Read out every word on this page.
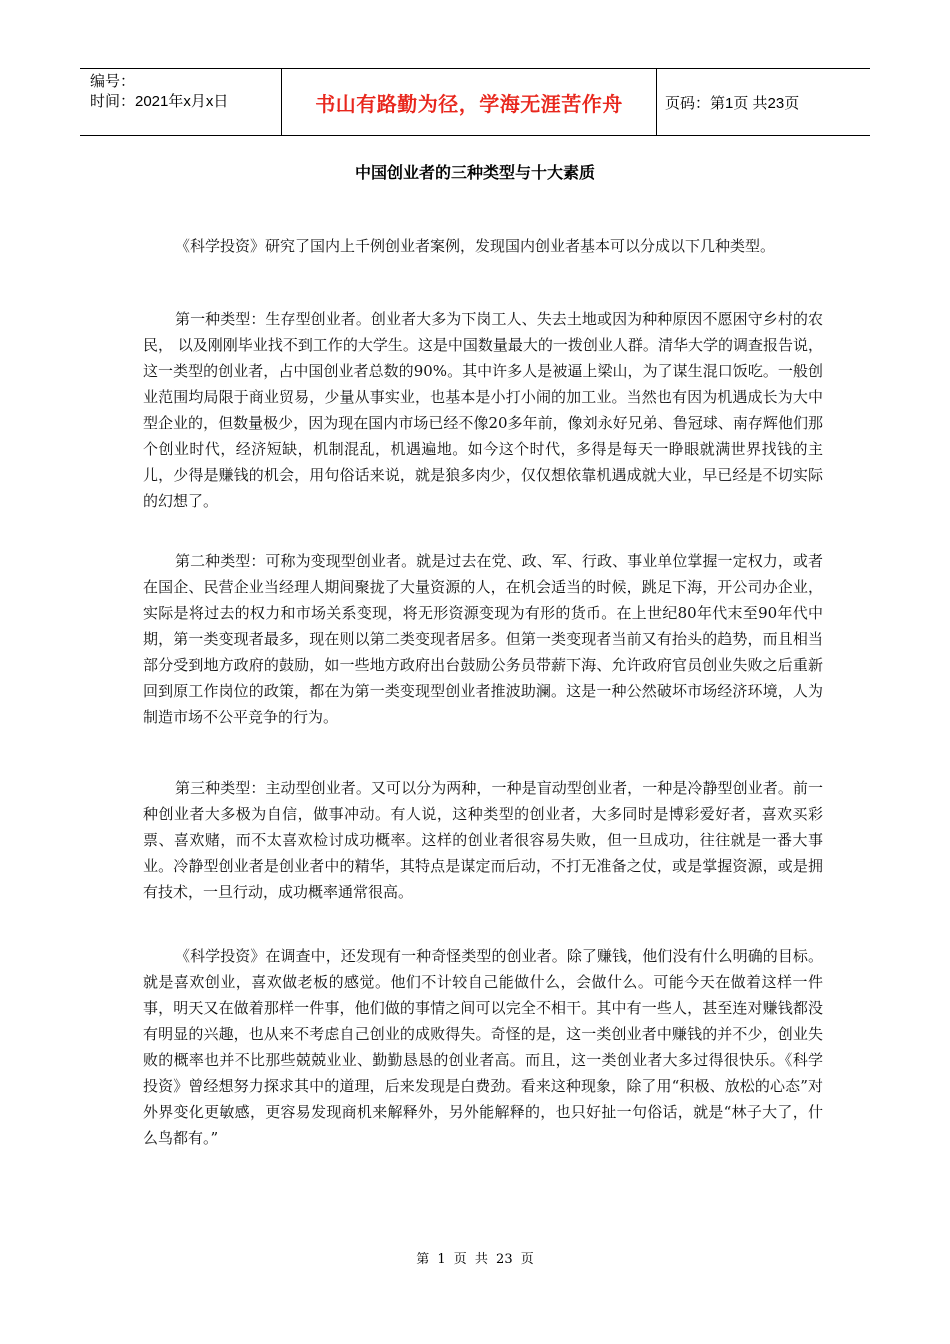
编号：
时间：2021年x月x日	书山有路勤为径，学海无涯苦作舟	页码：第1页 共23页
中国创业者的三种类型与十大素质

《科学投资》研究了国内上千例创业者案例，发现国内创业者基本可以分成以下几种类型。

第一种类型：生存型创业者。创业者大多为下岗工人、失去土地或因为种种原因不愿困守乡村的农民， 以及刚刚毕业找不到工作的大学生。这是中国数量最大的一拨创业人群。清华大学的调查报告说，这一类型的创业者，占中国创业者总数的90%。其中许多人是被逼上梁山，为了谋生混口饭吃。一般创业范围均局限于商业贸易，少量从事实业，也基本是小打小闹的加工业。当然也有因为机遇成长为大中型企业的，但数量极少，因为现在国内市场已经不像20多年前，像刘永好兄弟、鲁冠球、南存辉他们那个创业时代，经济短缺，机制混乱，机遇遍地。如今这个时代，多得是每天一睁眼就满世界找钱的主儿，少得是赚钱的机会，用句俗话来说，就是狼多肉少，仅仅想依靠机遇成就大业，早已经是不切实际的幻想了。

第二种类型：可称为变现型创业者。就是过去在党、政、军、行政、事业单位掌握一定权力，或者在国企、民营企业当经理人期间聚拢了大量资源的人，在机会适当的时候，跳足下海，开公司办企业，实际是将过去的权力和市场关系变现，将无形资源变现为有形的货币。在上世纪80年代末至90年代中期，第一类变现者最多，现在则以第二类变现者居多。但第一类变现者当前又有抬头的趋势，而且相当部分受到地方政府的鼓励，如一些地方政府出台鼓励公务员带薪下海、允许政府官员创业失败之后重新回到原工作岗位的政策，都在为第一类变现型创业者推波助澜。这是一种公然破坏市场经济环境，人为制造市场不公平竞争的行为。

第三种类型：主动型创业者。又可以分为两种，一种是盲动型创业者，一种是冷静型创业者。前一种创业者大多极为自信，做事冲动。有人说，这种类型的创业者，大多同时是博彩爱好者，喜欢买彩票、喜欢赌，而不太喜欢检讨成功概率。这样的创业者很容易失败，但一旦成功，往往就是一番大事业。冷静型创业者是创业者中的精华，其特点是谋定而后动，不打无准备之仗，或是掌握资源，或是拥有技术，一旦行动，成功概率通常很高。

《科学投资》在调查中，还发现有一种奇怪类型的创业者。除了赚钱，他们没有什么明确的目标。就是喜欢创业，喜欢做老板的感觉。他们不计较自己能做什么，会做什么。可能今天在做着这样一件事，明天又在做着那样一件事，他们做的事情之间可以完全不相干。其中有一些人，甚至连对赚钱都没有明显的兴趣，也从来不考虑自己创业的成败得失。奇怪的是，这一类创业者中赚钱的并不少，创业失败的概率也并不比那些兢兢业业、勤勤恳恳的创业者高。而且，这一类创业者大多过得很快乐。《科学投资》曾经想努力探求其中的道理，后来发现是白费劲。看来这种现象，除了用“积极、放松的心态”对外界变化更敏感，更容易发现商机来解释外，另外能解释的，也只好扯一句俗话，就是“林子大了，什么鸟都有。”

第 1 页 共 23 页
